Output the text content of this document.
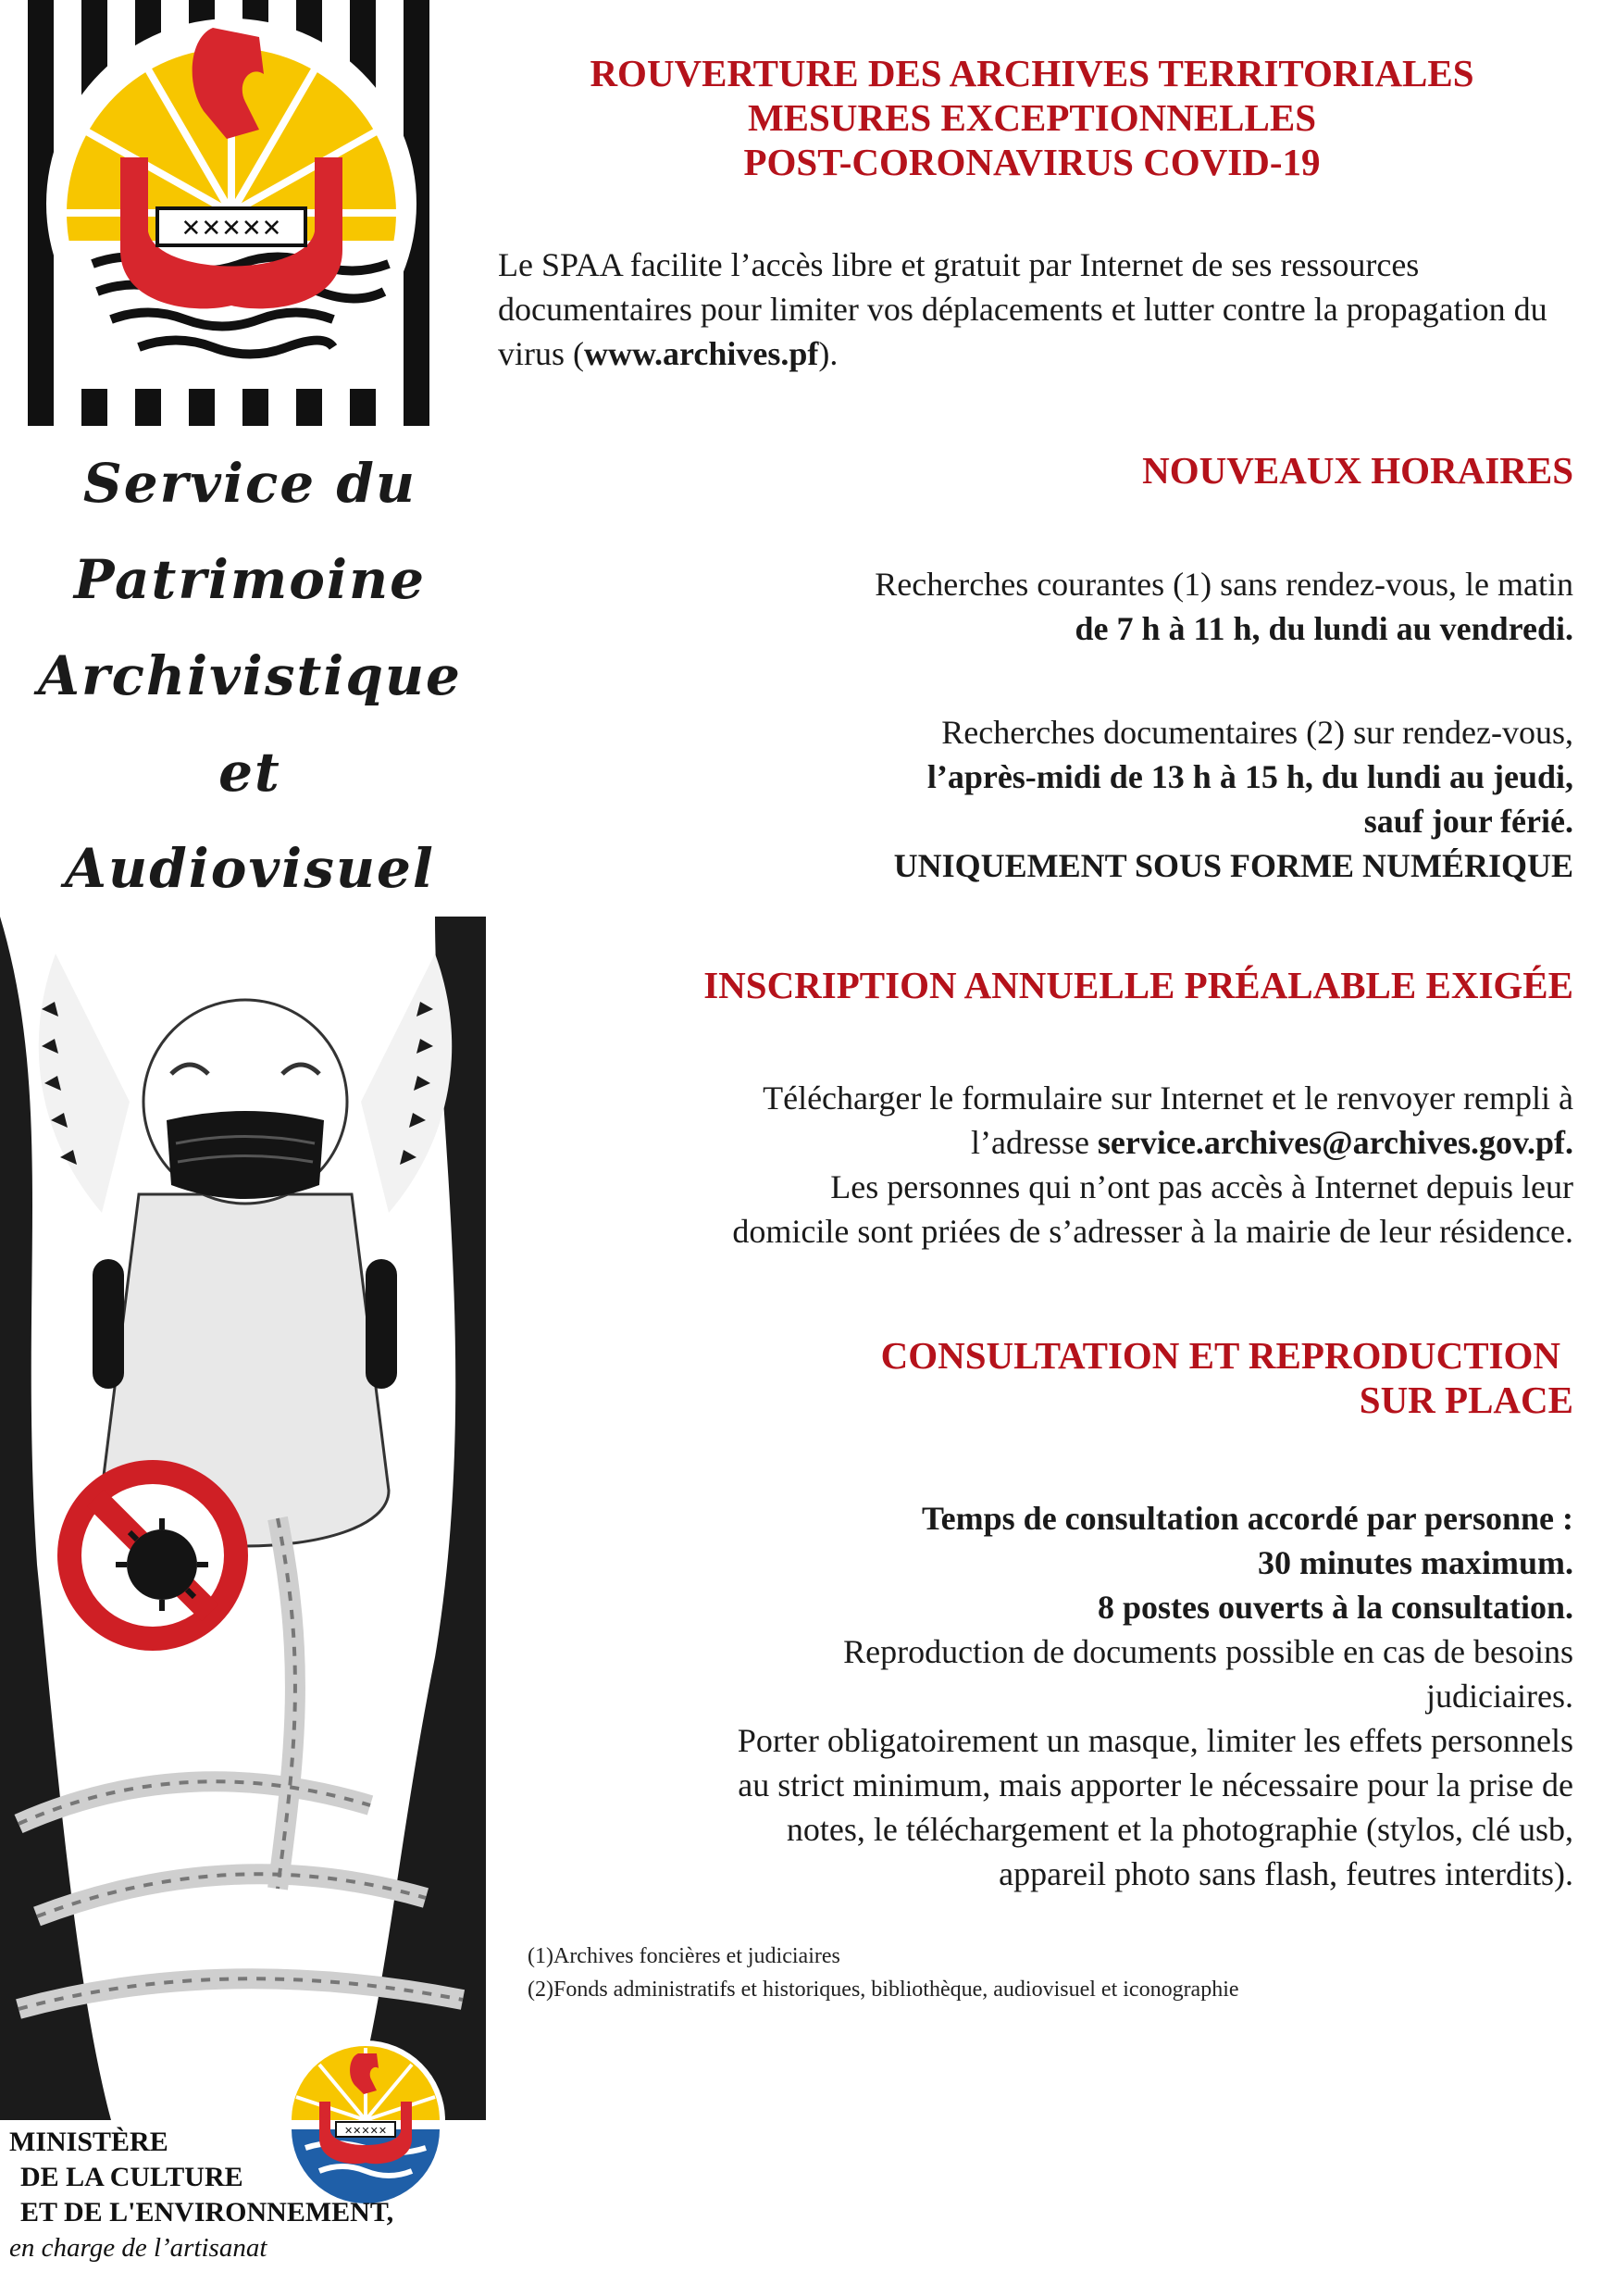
✕✕✕✕✕
Service du
Patrimoine
Archivistique
et
Audiovisuel
✕✕✕✕✕
MINISTÈRE
DE LA CULTURE
ET DE L'ENVIRONNEMENT,
en charge de l’artisanat
ROUVERTURE DES ARCHIVES TERRITORIALES
MESURES EXCEPTIONNELLES
POST-CORONAVIRUS COVID-19
Le SPAA facilite l’accès libre et gratuit par Internet de ses ressources documentaires pour limiter vos déplacements et lutter contre la propagation du virus (www.archives.pf).
NOUVEAUX HORAIRES
Recherches courantes (1) sans rendez-vous, le matin
de 7 h à 11 h, du lundi au vendredi.
Recherches documentaires (2) sur rendez-vous,
l’après-midi de 13 h à 15 h, du lundi au jeudi,
sauf jour férié.
UNIQUEMENT SOUS FORME NUMÉRIQUE
INSCRIPTION ANNUELLE PRÉALABLE EXIGÉE
Télécharger le formulaire sur Internet et le renvoyer rempli à
l’adresse service.archives@archives.gov.pf.
Les personnes qui n’ont pas accès à Internet depuis leur
domicile sont priées de s’adresser à la mairie de leur résidence.
CONSULTATION ET REPRODUCTION
SUR PLACE
Temps de consultation accordé par personne :
30 minutes maximum.
8 postes ouverts à la consultation.
Reproduction de documents possible en cas de besoins
judiciaires.
Porter obligatoirement un masque, limiter les effets personnels
au strict minimum, mais apporter le nécessaire pour la prise de
notes, le téléchargement et la photographie (stylos, clé usb,
appareil photo sans flash, feutres interdits).
(1)Archives foncières et judiciaires
(2)Fonds administratifs et historiques, bibliothèque, audiovisuel et iconographie
